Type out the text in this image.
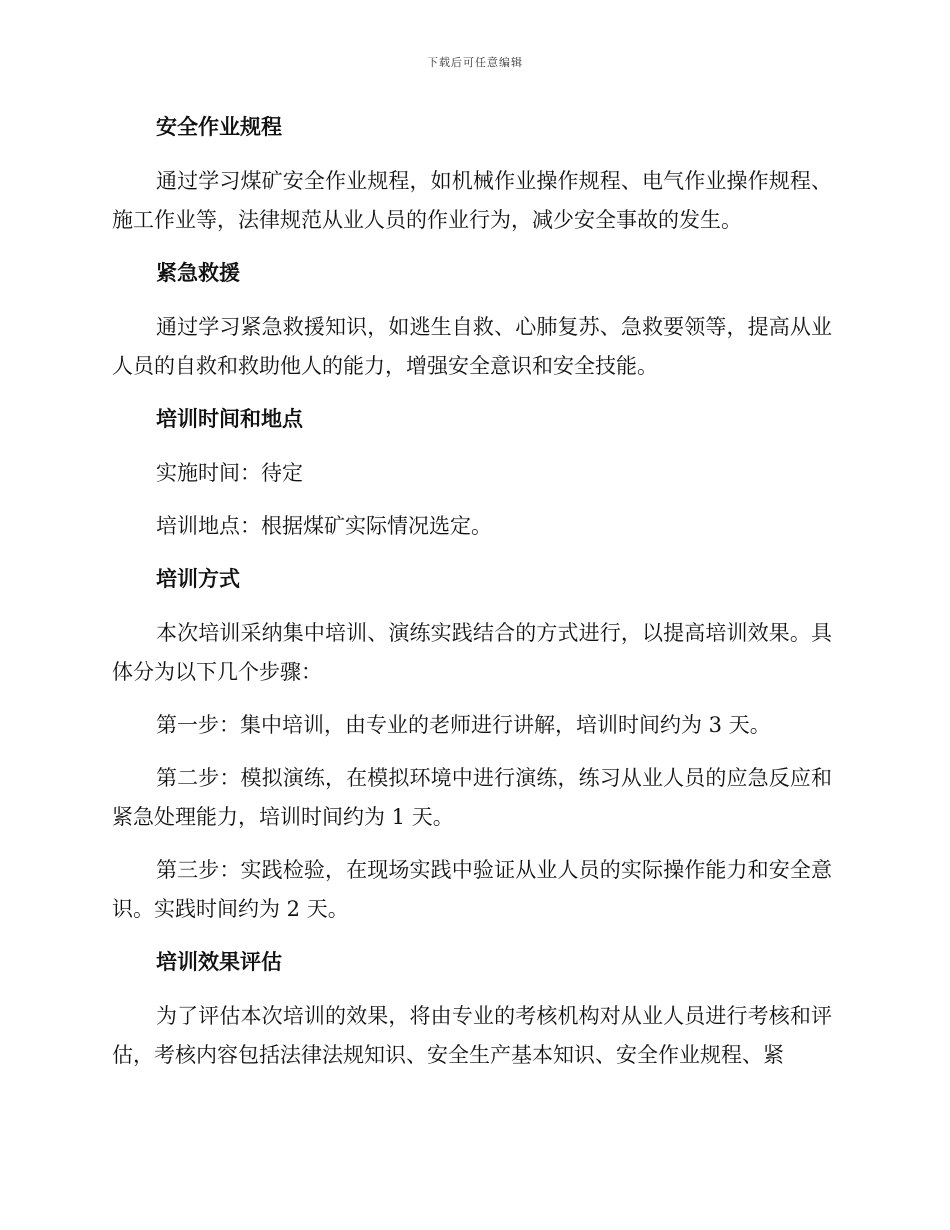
下载后可任意编辑
安全作业规程
通过学习煤矿安全作业规程，如机械作业操作规程、电气作业操作规程、施工作业等，法律规范从业人员的作业行为，减少安全事故的发生。
紧急救援
通过学习紧急救援知识，如逃生自救、心肺复苏、急救要领等，提高从业人员的自救和救助他人的能力，增强安全意识和安全技能。
培训时间和地点
实施时间：待定
培训地点：根据煤矿实际情况选定。
培训方式
本次培训采纳集中培训、演练实践结合的方式进行，以提高培训效果。具体分为以下几个步骤：
第一步：集中培训，由专业的老师进行讲解，培训时间约为 3 天。
第二步：模拟演练，在模拟环境中进行演练，练习从业人员的应急反应和紧急处理能力，培训时间约为 1 天。
第三步：实践检验，在现场实践中验证从业人员的实际操作能力和安全意识。实践时间约为 2 天。
培训效果评估
为了评估本次培训的效果，将由专业的考核机构对从业人员进行考核和评估，考核内容包括法律法规知识、安全生产基本知识、安全作业规程、紧
